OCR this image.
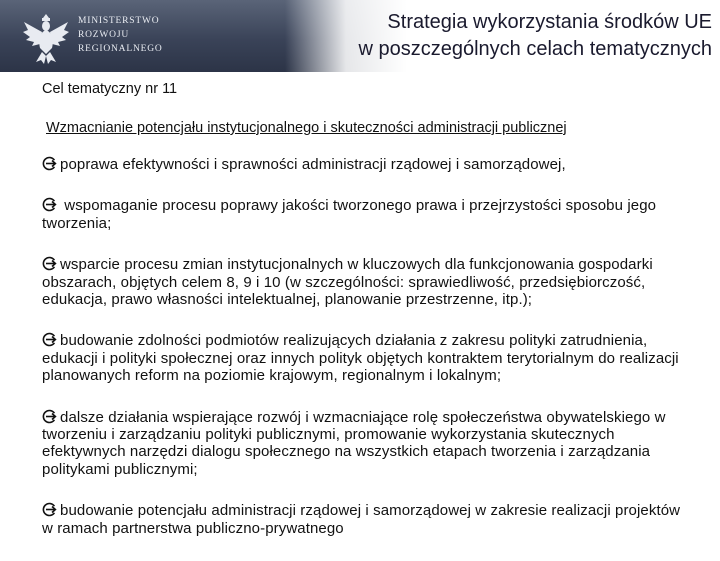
MINISTERSTWO
ROZWOJU
REGIONALNEGO
Strategia wykorzystania środków UE
w poszczególnych celach tematycznych
Cel tematyczny nr 11
Wzmacnianie potencjału instytucjonalnego i skuteczności administracji publicznej
poprawa efektywności i sprawności administracji rządowej i samorządowej,
wspomaganie procesu poprawy jakości tworzonego prawa i przejrzystości sposobu jego tworzenia;
wsparcie procesu zmian instytucjonalnych w kluczowych dla funkcjonowania gospodarki obszarach, objętych celem 8, 9 i 10 (w szczególności: sprawiedliwość, przedsiębiorczość, edukacja, prawo własności intelektualnej, planowanie przestrzenne, itp.);
budowanie zdolności podmiotów realizujących działania z zakresu polityki zatrudnienia, edukacji i polityki społecznej oraz innych polityk objętych kontraktem terytorialnym do realizacji planowanych reform na poziomie krajowym, regionalnym i lokalnym;
dalsze działania wspierające rozwój i wzmacniające rolę społeczeństwa obywatelskiego w tworzeniu i zarządzaniu polityki publicznymi, promowanie wykorzystania skutecznych efektywnych narzędzi dialogu społecznego na wszystkich etapach tworzenia i zarządzania politykami publicznymi;
budowanie potencjału administracji rządowej i samorządowej w zakresie realizacji projektów w ramach partnerstwa publiczno-prywatnego
